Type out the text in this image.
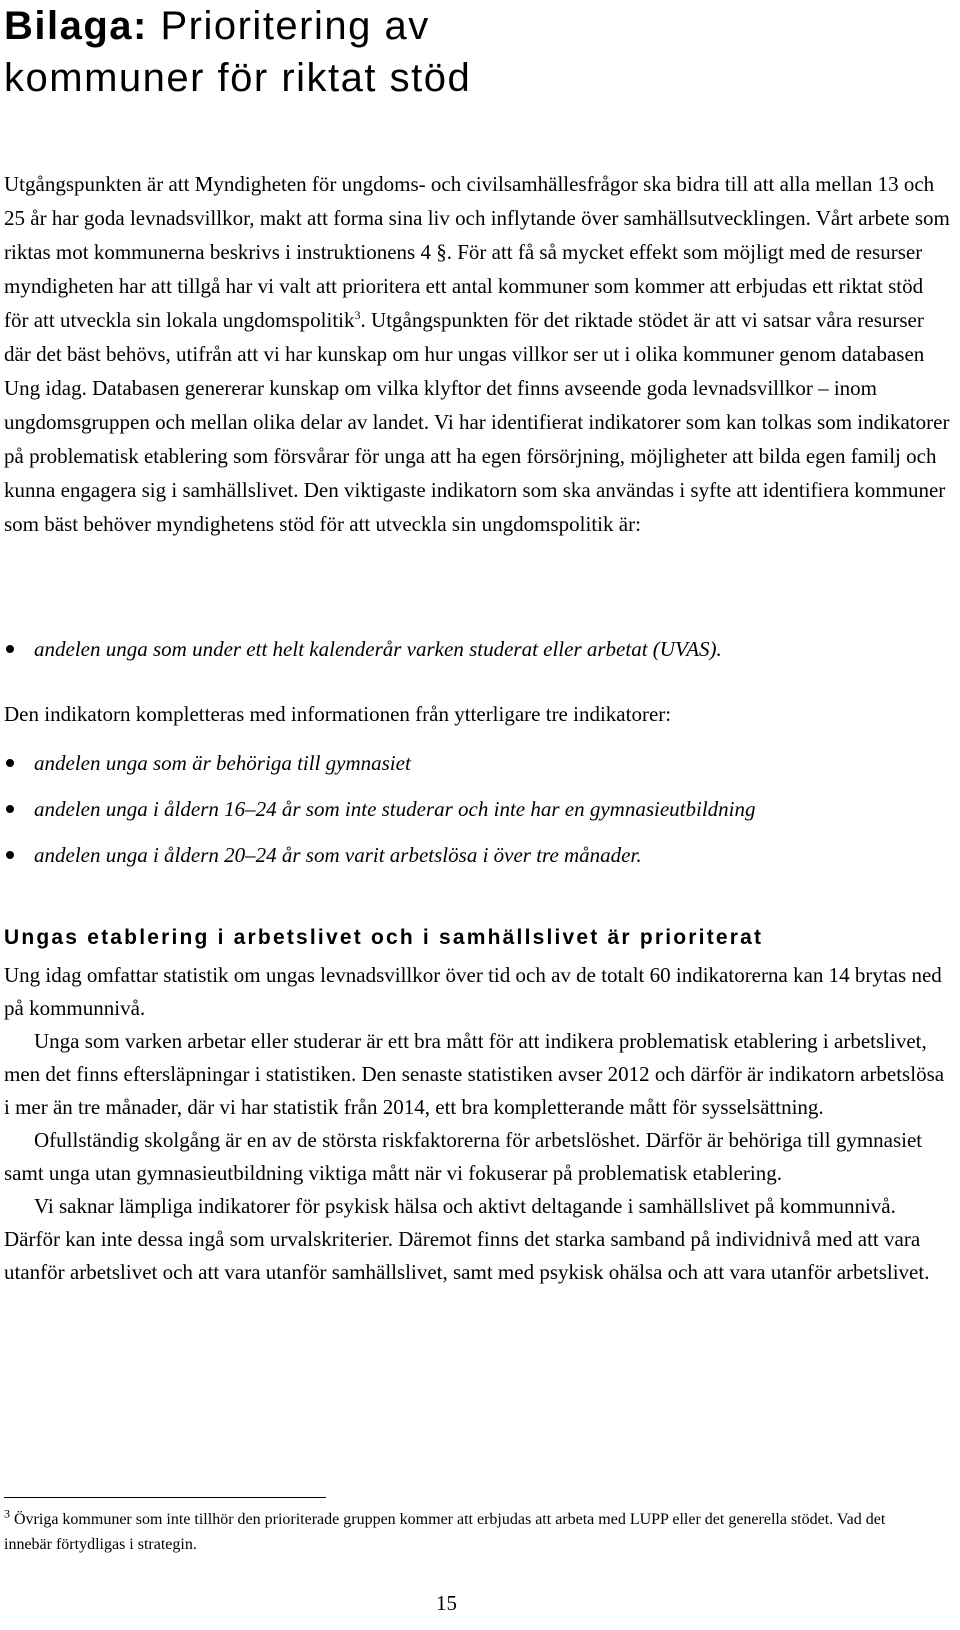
Bilaga: Prioritering av kommuner för riktat stöd

Utgångspunkten är att Myndigheten för ungdoms- och civilsamhällesfrågor ska bidra till att alla mellan 13 och 25 år har goda levnadsvillkor, makt att forma sina liv och inflytande över samhällsutvecklingen. Vårt arbete som riktas mot kommunerna beskrivs i instruktionens 4 §. För att få så mycket effekt som möjligt med de resurser myndigheten har att tillgå har vi valt att prioritera ett antal kommuner som kommer att erbjudas ett riktat stöd för att utveckla sin lokala ungdomspolitik$^3$. Utgångspunkten för det riktade stödet är att vi satsar våra resurser där det bäst behövs, utifrån att vi har kunskap om hur ungas villkor ser ut i olika kommuner genom databasen Ung idag. Databasen genererar kunskap om vilka klyftor det finns avseende goda levnadsvillkor – inom ungdomsgruppen och mellan olika delar av landet. Vi har identifierat indikatorer som kan tolkas som indikatorer på problematisk etablering som försvårar för unga att ha egen försörjning, möjligheter att bilda egen familj och kunna engagera sig i samhällslivet. Den viktigaste indikatorn som ska användas i syfte att identifiera kommuner som bäst behöver myndighetens stöd för att utveckla sin ungdomspolitik är:

andelen unga som under ett helt kalenderår varken studerat eller arbetat (UVAS).

Den indikatorn kompletteras med informationen från ytterligare tre indikatorer:

andelen unga som är behöriga till gymnasiet
andelen unga i åldern 16–24 år som inte studerar och inte har en gymnasieutbildning
andelen unga i åldern 20–24 år som varit arbetslösa i över tre månader.
Ungas etablering i arbetslivet och i samhällslivet är prioriterat

Ung idag omfattar statistik om ungas levnadsvillkor över tid och av de totalt 60 indikatorerna kan 14 brytas ned på kommunnivå.

Unga som varken arbetar eller studerar är ett bra mått för att indikera problematisk etablering i arbetslivet, men det finns eftersläpningar i statistiken. Den senaste statistiken avser 2012 och därför är indikatorn arbetslösa i mer än tre månader, där vi har statistik från 2014, ett bra kompletterande mått för sysselsättning.

Ofullständig skolgång är en av de största riskfaktorerna för arbetslöshet. Därför är behöriga till gymnasiet samt unga utan gymnasieutbildning viktiga mått när vi fokuserar på problematisk etablering.

Vi saknar lämpliga indikatorer för psykisk hälsa och aktivt deltagande i samhällslivet på kommunnivå. Därför kan inte dessa ingå som urvalskriterier. Däremot finns det starka samband på individnivå med att vara utanför arbetslivet och att vara utanför samhällslivet, samt med psykisk ohälsa och att vara utanför arbetslivet.

$^3$ Övriga kommuner som inte tillhör den prioriterade gruppen kommer att erbjudas att arbeta med LUPP eller det generella stödet. Vad det innebär förtydligas i strategin.

15
